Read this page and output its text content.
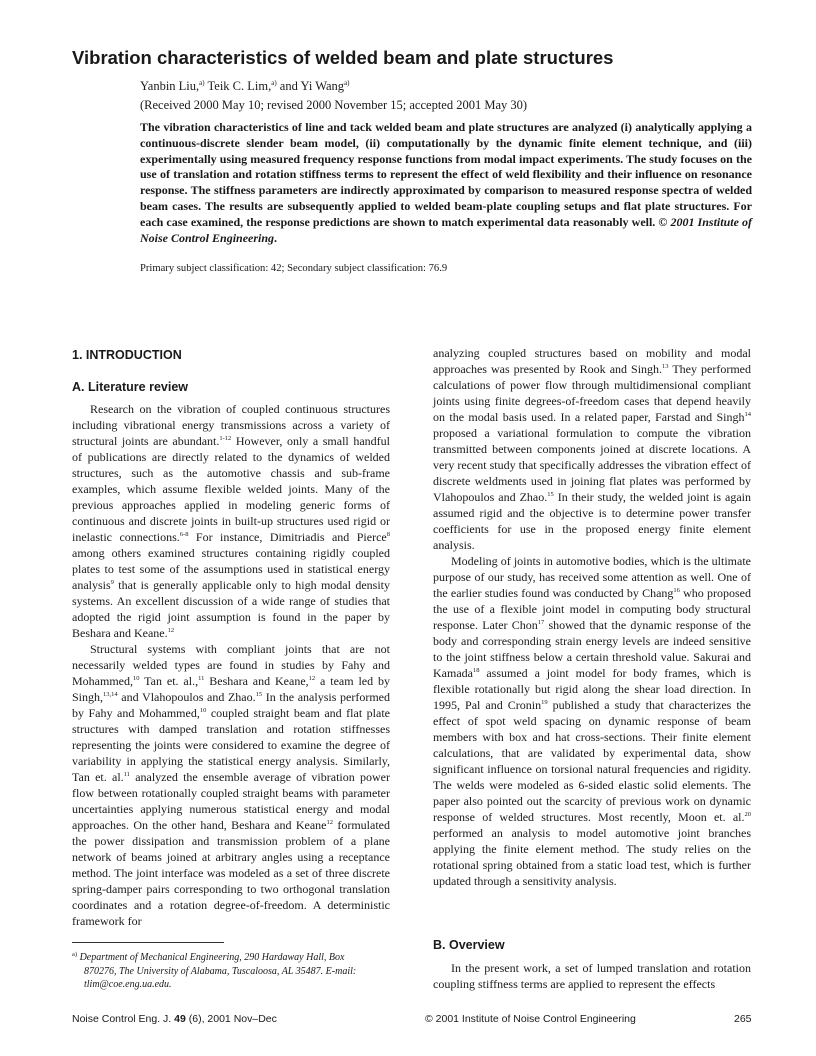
Vibration characteristics of welded beam and plate structures
Yanbin Liu,$^{a)}$ Teik C. Lim,$^{a)}$ and Yi Wang$^{a)}$
(Received 2000 May 10; revised 2000 November 15; accepted 2001 May 30)
The vibration characteristics of line and tack welded beam and plate structures are analyzed (i) analytically applying a continuous-discrete slender beam model, (ii) computationally by the dynamic finite element technique, and (iii) experimentally using measured frequency response functions from modal impact experiments. The study focuses on the use of translation and rotation stiffness terms to represent the effect of weld flexibility and their influence on resonance response. The stiffness parameters are indirectly approximated by comparison to measured response spectra of welded beam cases. The results are subsequently applied to welded beam-plate coupling setups and flat plate structures. For each case examined, the response predictions are shown to match experimental data reasonably well. © 2001 Institute of Noise Control Engineering.
Primary subject classification: 42; Secondary subject classification: 76.9
1. INTRODUCTION
A. Literature review

Research on the vibration of coupled continuous structures including vibrational energy transmissions across a variety of structural joints are abundant.$^{1-12}$ However, only a small handful of publications are directly related to the dynamics of welded structures, such as the automotive chassis and sub-frame examples, which assume flexible welded joints. Many of the previous approaches applied in modeling generic forms of continuous and discrete joints in built-up structures used rigid or inelastic connections.$^{6-8}$ For instance, Dimitriadis and Pierce$^8$ among others examined structures containing rigidly coupled plates to test some of the assumptions used in statistical energy analysis$^9$ that is generally applicable only to high modal density systems. An excellent discussion of a wide range of studies that adopted the rigid joint assumption is found in the paper by Beshara and Keane.$^{12}$

Structural systems with compliant joints that are not necessarily welded types are found in studies by Fahy and Mohammed,$^{10}$ Tan et. al.,$^{11}$ Beshara and Keane,$^{12}$ a team led by Singh,$^{13,14}$ and Vlahopoulos and Zhao.$^{15}$ In the analysis performed by Fahy and Mohammed,$^{10}$ coupled straight beam and flat plate structures with damped translation and rotation stiffnesses representing the joints were considered to examine the degree of variability in applying the statistical energy analysis. Similarly, Tan et. al.$^{11}$ analyzed the ensemble average of vibration power flow between rotationally coupled straight beams with parameter uncertainties applying numerous statistical energy and modal approaches. On the other hand, Beshara and Keane$^{12}$ formulated the power dissipation and transmission problem of a plane network of beams joined at arbitrary angles using a receptance method. The joint interface was modeled as a set of three discrete spring-damper pairs corresponding to two orthogonal translation coordinates and a rotation degree-of-freedom. A deterministic framework for

$^{a)}$ Department of Mechanical Engineering, 290 Hardaway Hall, Box
870276, The University of Alabama, Tuscaloosa, AL 35487. E-mail: tlim@coe.eng.ua.edu.

analyzing coupled structures based on mobility and modal approaches was presented by Rook and Singh.$^{13}$ They performed calculations of power flow through multidimensional compliant joints using finite degrees-of-freedom cases that depend heavily on the modal basis used. In a related paper, Farstad and Singh$^{14}$ proposed a variational formulation to compute the vibration transmitted between components joined at discrete locations. A very recent study that specifically addresses the vibration effect of discrete weldments used in joining flat plates was performed by Vlahopoulos and Zhao.$^{15}$ In their study, the welded joint is again assumed rigid and the objective is to determine power transfer coefficients for use in the proposed energy finite element analysis.

Modeling of joints in automotive bodies, which is the ultimate purpose of our study, has received some attention as well. One of the earlier studies found was conducted by Chang$^{16}$ who proposed the use of a flexible joint model in computing body structural response. Later Chon$^{17}$ showed that the dynamic response of the body and corresponding strain energy levels are indeed sensitive to the joint stiffness below a certain threshold value. Sakurai and Kamada$^{18}$ assumed a joint model for body frames, which is flexible rotationally but rigid along the shear load direction. In 1995, Pal and Cronin$^{19}$ published a study that characterizes the effect of spot weld spacing on dynamic response of beam members with box and hat cross-sections. Their finite element calculations, that are validated by experimental data, show significant influence on torsional natural frequencies and rigidity. The welds were modeled as 6-sided elastic solid elements. The paper also pointed out the scarcity of previous work on dynamic response of welded structures. Most recently, Moon et. al.$^{20}$ performed an analysis to model automotive joint branches applying the finite element method. The study relies on the rotational spring obtained from a static load test, which is further updated through a sensitivity analysis.

B. Overview

In the present work, a set of lumped translation and rotation coupling stiffness terms are applied to represent the effects

Noise Control Eng. J. 49 (6), 2001 Nov–Dec	© 2001 Institute of Noise Control Engineering	265
